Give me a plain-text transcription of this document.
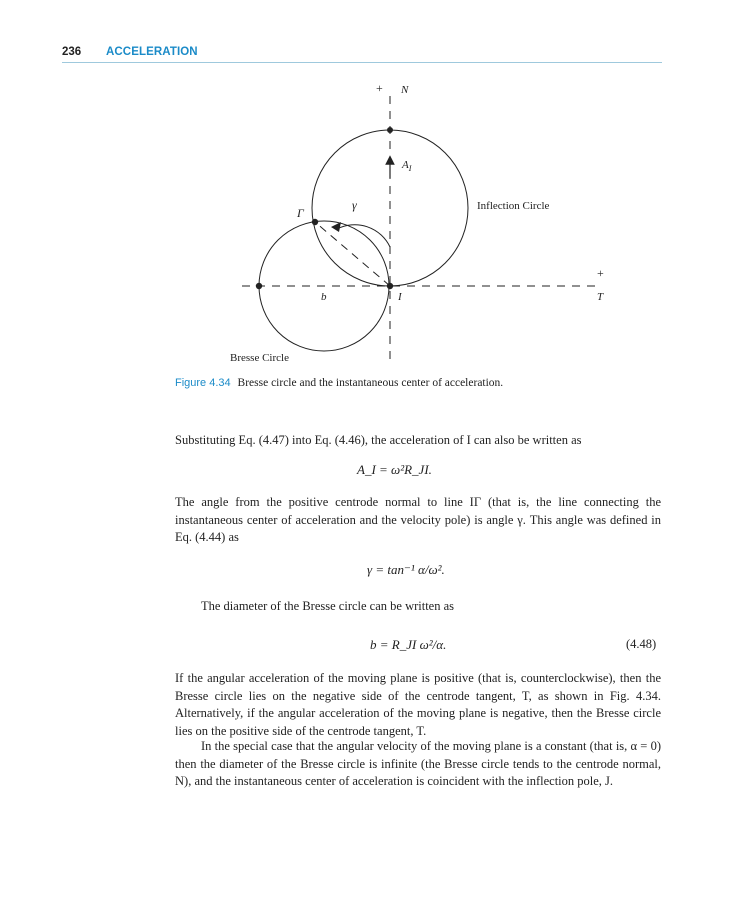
236 ACCELERATION
+ N
$A_I$
γ
Γ	Inflection Circle
+
T
b	I
Bresse Circle
Figure 4.34 Bresse circle and the instantaneous center of acceleration.
Substituting Eq. (4.47) into Eq. (4.46), the acceleration of I can also be written as
A_I = ω²R_JI.
The angle from the positive centrode normal to line IΓ (that is, the line connecting the instantaneous center of acceleration and the velocity pole) is angle γ. This angle was defined in Eq. (4.44) as
γ = tan⁻¹ α/ω².
The diameter of the Bresse circle can be written as
b = R_JI ω²/α.	(4.48)
If the angular acceleration of the moving plane is positive (that is, counterclockwise), then the Bresse circle lies on the negative side of the centrode tangent, T, as shown in Fig. 4.34. Alternatively, if the angular acceleration of the moving plane is negative, then the Bresse circle lies on the positive side of the centrode tangent, T.
In the special case that the angular velocity of the moving plane is a constant (that is, α = 0) then the diameter of the Bresse circle is infinite (the Bresse circle tends to the centrode normal, N), and the instantaneous center of acceleration is coincident with the inflection pole, J.
